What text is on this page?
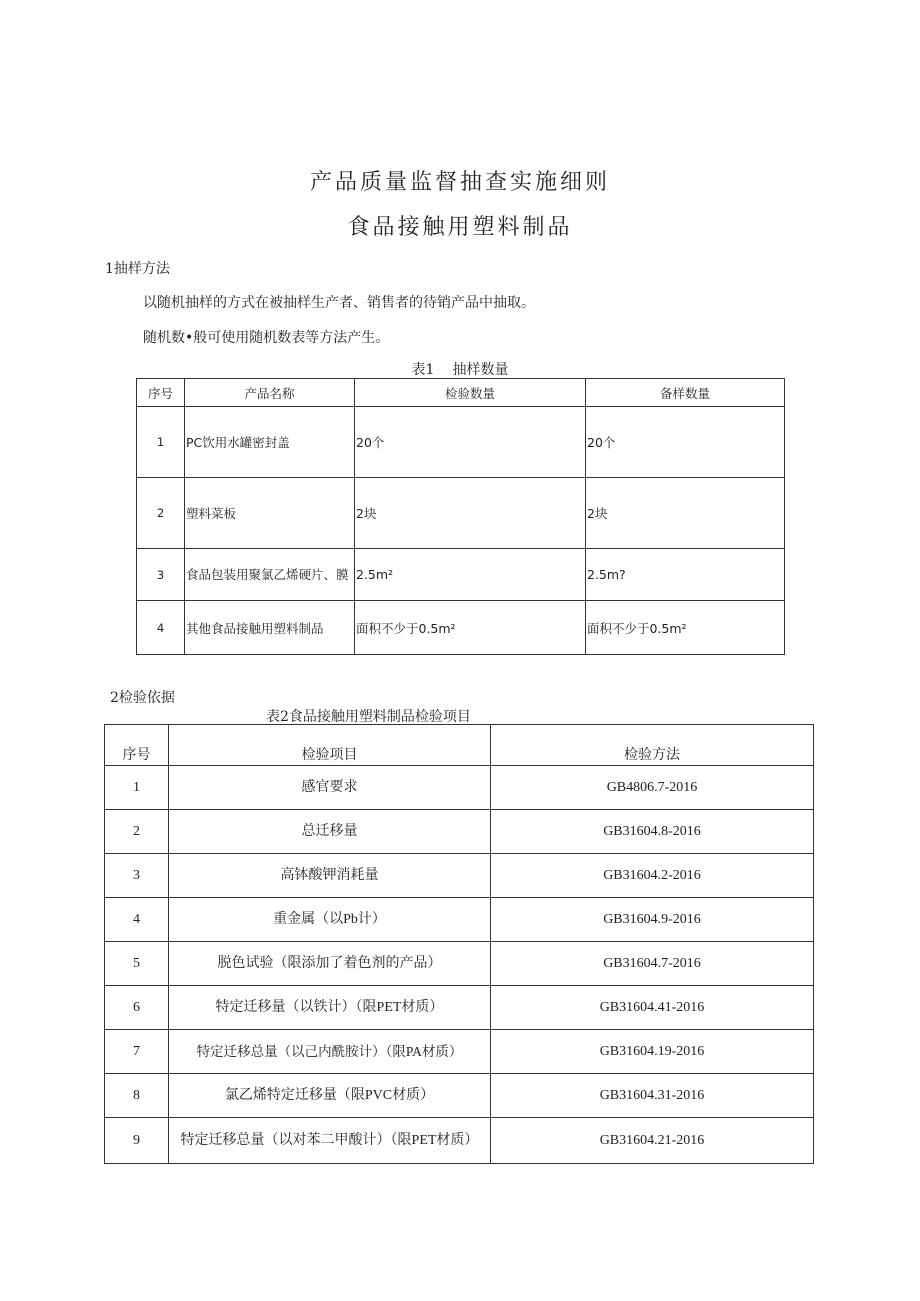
产品质量监督抽查实施细则
食品接触用塑料制品
1抽样方法
以随机抽样的方式在被抽样生产者、销售者的待销产品中抽取。
随机数•般可使用随机数表等方法产生。
表1 抽样数量
序号	产品名称	检验数量	备样数量
1	PC饮用水罐密封盖	20个	20个
2	塑料菜板	2块	2块
3	食品包装用聚氯乙烯硬片、膜	2.5m²	2.5m?
4	其他食品接触用塑料制品	面积不少于0.5m²	面积不少于0.5m²
2检验依据
表2食品接触用塑料制品检验项目
序号	检验项目	检验方法
1	感官要求	GB4806.7-2016
2	总迁移量	GB31604.8-2016
3	高钵酸钾消耗量	GB31604.2-2016
4	重金属（以Pb计）	GB31604.9-2016
5	脱色试验（限添加了着色剂的产品）	GB31604.7-2016
6	特定迁移量（以铁计）（限PET材质）	GB31604.41-2016
7	特定迁移总量（以己内酰胺计）（限PA材质）	GB31604.19-2016
8	氯乙烯特定迁移量（限PVC材质）	GB31604.31-2016
9	特定迁移总量（以对苯二甲酸计）（限PET材质）	GB31604.21-2016
